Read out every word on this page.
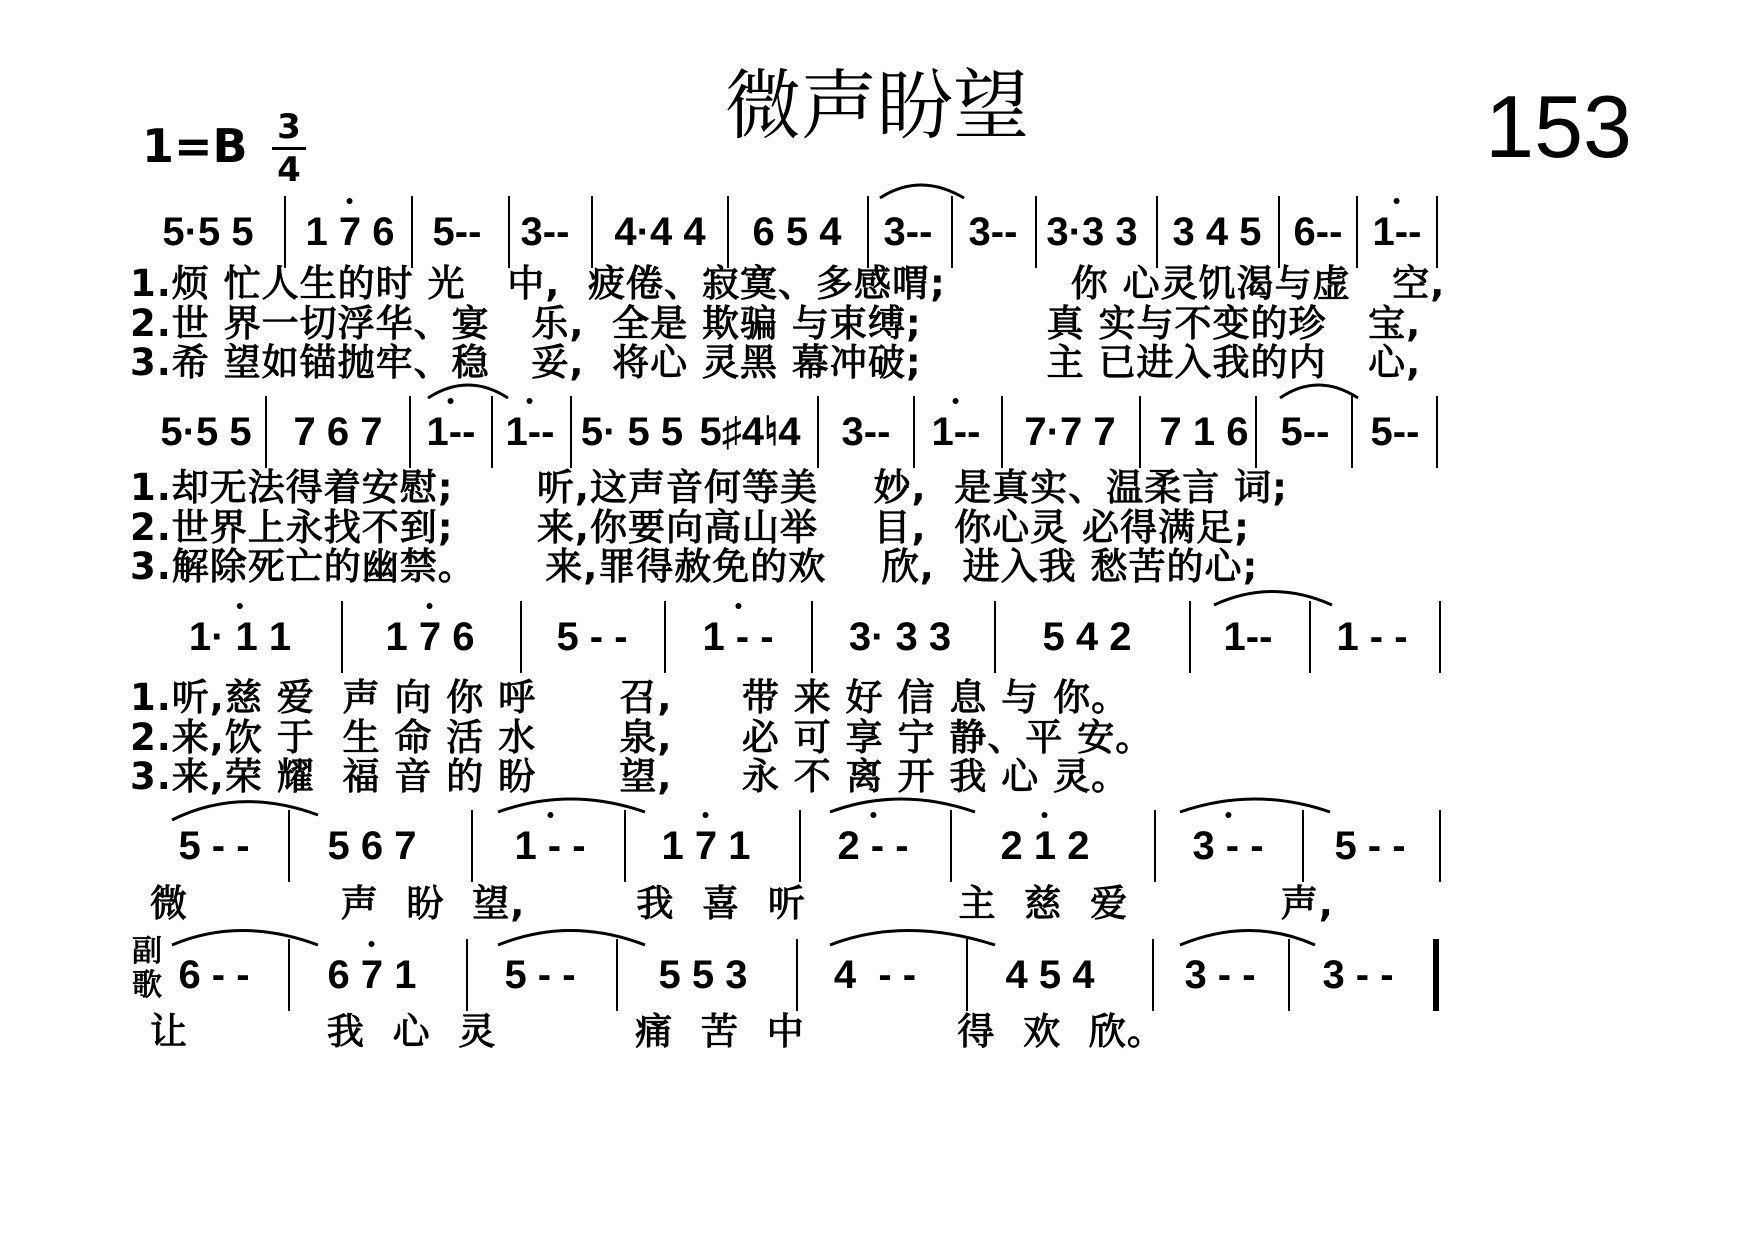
微声盼望	153
1=B 3
4
5·5 5 1 7 6 5-- 3-- 4·4 4 6 5 4 3-- 3-- 3·3 3 3 4 5 6-- 1--
1.烦 忙人生的时 光   中,  疲倦、寂寞、多感喟;         你 心灵饥渴与虚   空,
2.世 界一切浮华、宴   乐,  全是 欺骗 与束缚;         真 实与不变的珍   宝,
3.希 望如锚抛牢、稳   妥,  将心 灵黑 幕冲破;         主 已进入我的内   心,
5·5 5 7 6 7 1-- 1-- 5· 5 5 5♯4♮4 3-- 1-- 7·7 7 7 1 6 5-- 5--
1.却无法得着安慰;      听,这声音何等美    妙,  是真实、温柔言 词;
2.世界上永找不到;      来,你要向高山举    目,  你心灵 必得满足;
3.解除死亡的幽禁。     来,罪得赦免的欢    欣,  进入我 愁苦的心;
1· 1 1 1 7 6 5 - - 1 - - 3· 3 3 5 4 2 1-- 1 - -
1.听,慈 爱  声 向 你 呼      召,     带 来 好 信 息 与 你。
2.来,饮 于  生 命 活 水      泉,     必 可 享 宁 静、平 安。
3.来,荣 耀  福 音 的 盼      望,     永 不 离 开 我 心 灵。
副歌
5 - - 5 6 7 1 - - 1 7 1 2 - - 2 1 2	3 - - 5 - -
微           声  盼  望,        我  喜  听           主  慈  爱           声,
6 - - 6 7 1 5 - - 5 5 3 4  - - 4 5 4 3 - - 3 - -
让          我  心  灵          痛  苦  中           得  欢  欣。
